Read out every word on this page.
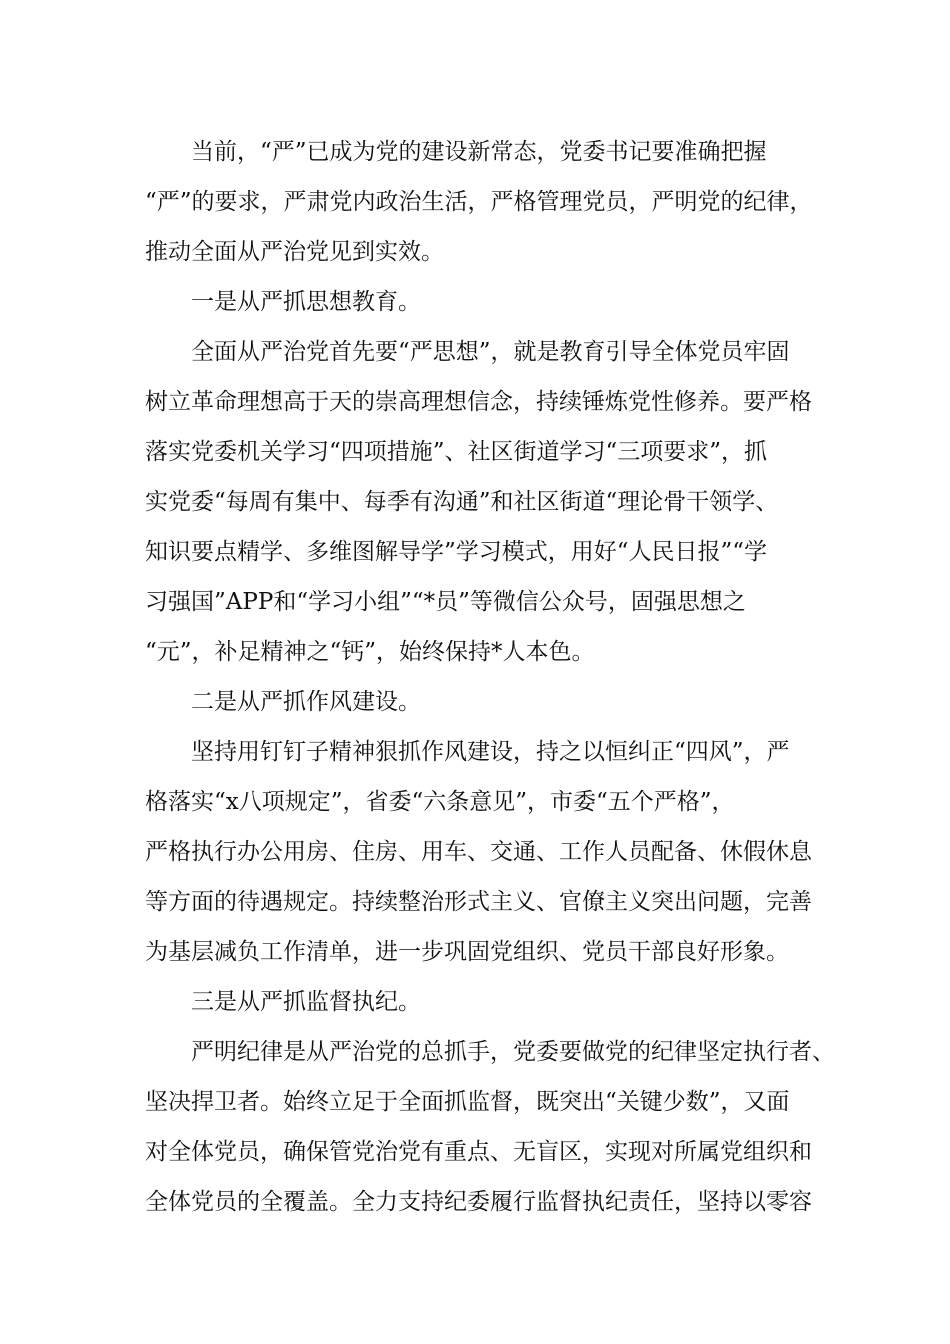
当前，“严”已成为党的建设新常态，党委书记要准确把握
“严”的要求，严肃党内政治生活，严格管理党员，严明党的纪律，
推动全面从严治党见到实效。
一是从严抓思想教育。
全面从严治党首先要“严思想”，就是教育引导全体党员牢固
树立革命理想高于天的崇高理想信念，持续锤炼党性修养。要严格
落实党委机关学习“四项措施”、社区街道学习“三项要求”，抓
实党委“每周有集中、每季有沟通”和社区街道“理论骨干领学、
知识要点精学、多维图解导学”学习模式，用好“人民日报”“学
习强国”APP和“学习小组”“*员”等微信公众号，固强思想之
“元”，补足精神之“钙”，始终保持*人本色。
二是从严抓作风建设。
坚持用钉钉子精神狠抓作风建设，持之以恒纠正“四风”，严
格落实“x八项规定”，省委“六条意见”，市委“五个严格”，
严格执行办公用房、住房、用车、交通、工作人员配备、休假休息
等方面的待遇规定。持续整治形式主义、官僚主义突出问题，完善
为基层减负工作清单，进一步巩固党组织、党员干部良好形象。
三是从严抓监督执纪。
严明纪律是从严治党的总抓手，党委要做党的纪律坚定执行者、
坚决捍卫者。始终立足于全面抓监督，既突出“关键少数”，又面
对全体党员，确保管党治党有重点、无盲区，实现对所属党组织和
全体党员的全覆盖。全力支持纪委履行监督执纪责任，坚持以零容
